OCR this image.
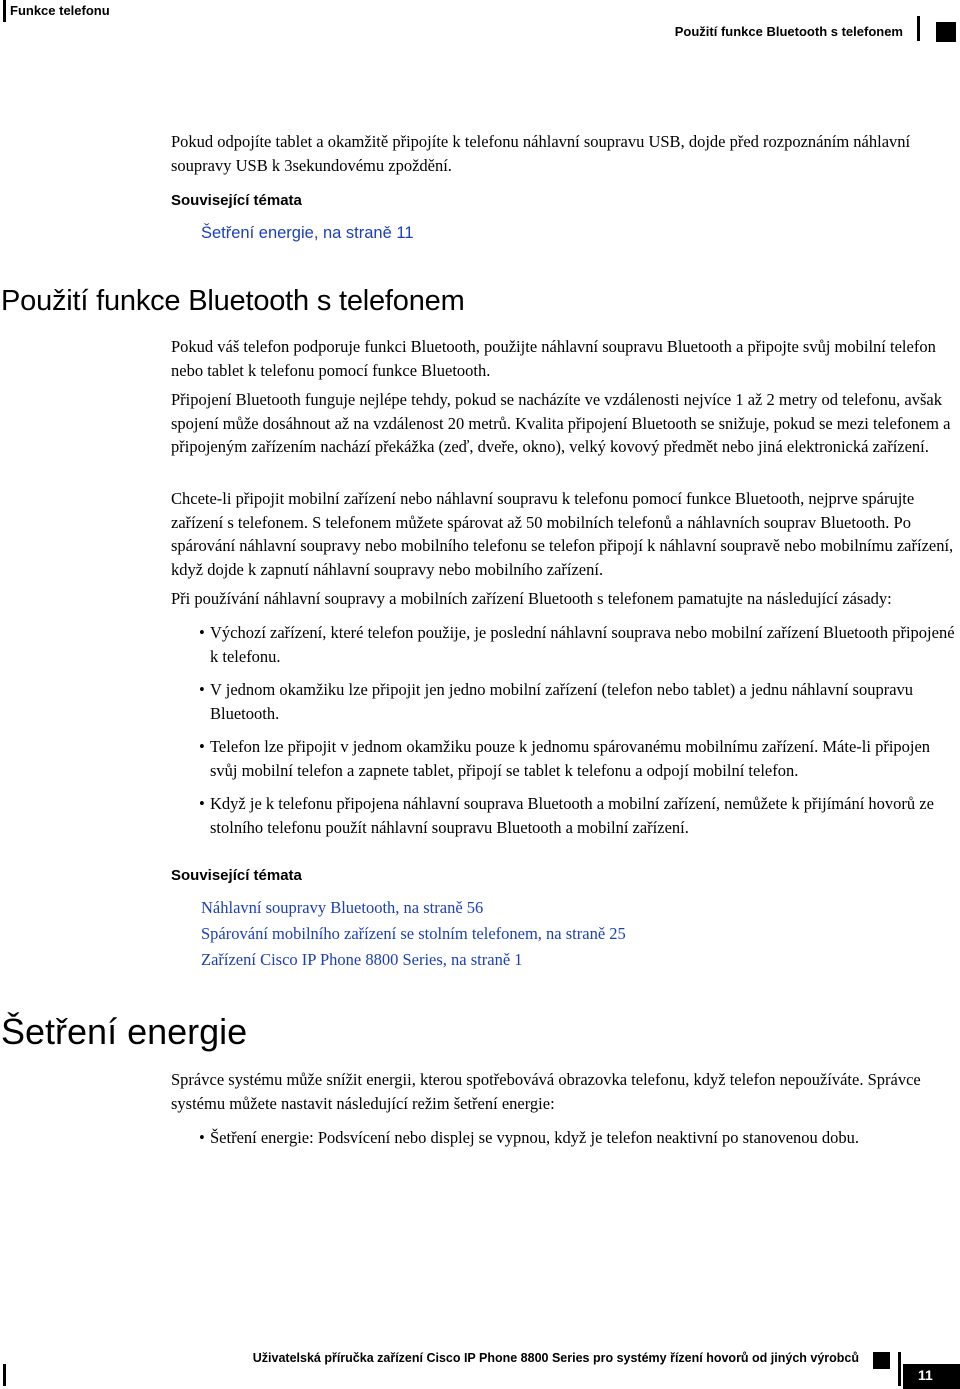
Funkce telefonu
Použití funkce Bluetooth s telefonem
Pokud odpojíte tablet a okamžitě připojíte k telefonu náhlavní soupravu USB, dojde před rozpoznáním náhlavní soupravy USB k 3sekundovému zpoždění.
Související témata
Šetření energie, na straně 11
Použití funkce Bluetooth s telefonem
Pokud váš telefon podporuje funkci Bluetooth, použijte náhlavní soupravu Bluetooth a připojte svůj mobilní telefon nebo tablet k telefonu pomocí funkce Bluetooth.
Připojení Bluetooth funguje nejlépe tehdy, pokud se nacházíte ve vzdálenosti nejvíce 1 až 2 metry od telefonu, avšak spojení může dosáhnout až na vzdálenost 20 metrů. Kvalita připojení Bluetooth se snižuje, pokud se mezi telefonem a připojeným zařízením nachází překážka (zeď, dveře, okno), velký kovový předmět nebo jiná elektronická zařízení.
Chcete-li připojit mobilní zařízení nebo náhlavní soupravu k telefonu pomocí funkce Bluetooth, nejprve spárujte zařízení s telefonem. S telefonem můžete spárovat až 50 mobilních telefonů a náhlavních souprav Bluetooth. Po spárování náhlavní soupravy nebo mobilního telefonu se telefon připojí k náhlavní soupravě nebo mobilnímu zařízení, když dojde k zapnutí náhlavní soupravy nebo mobilního zařízení.
Při používání náhlavní soupravy a mobilních zařízení Bluetooth s telefonem pamatujte na následující zásady:
• Výchozí zařízení, které telefon použije, je poslední náhlavní souprava nebo mobilní zařízení Bluetooth připojené k telefonu.
• V jednom okamžiku lze připojit jen jedno mobilní zařízení (telefon nebo tablet) a jednu náhlavní soupravu Bluetooth.
• Telefon lze připojit v jednom okamžiku pouze k jednomu spárovanému mobilnímu zařízení. Máte-li připojen svůj mobilní telefon a zapnete tablet, připojí se tablet k telefonu a odpojí mobilní telefon.
• Když je k telefonu připojena náhlavní souprava Bluetooth a mobilní zařízení, nemůžete k přijímání hovorů ze stolního telefonu použít náhlavní soupravu Bluetooth a mobilní zařízení.
Související témata
Náhlavní soupravy Bluetooth, na straně 56
Spárování mobilního zařízení se stolním telefonem, na straně 25
Zařízení Cisco IP Phone 8800 Series, na straně 1
Šetření energie
Správce systému může snížit energii, kterou spotřebovává obrazovka telefonu, když telefon nepoužíváte. Správce systému můžete nastavit následující režim šetření energie:
• Šetření energie: Podsvícení nebo displej se vypnou, když je telefon neaktivní po stanovenou dobu.
Uživatelská příručka zařízení Cisco IP Phone 8800 Series pro systémy řízení hovorů od jiných výrobců
11
